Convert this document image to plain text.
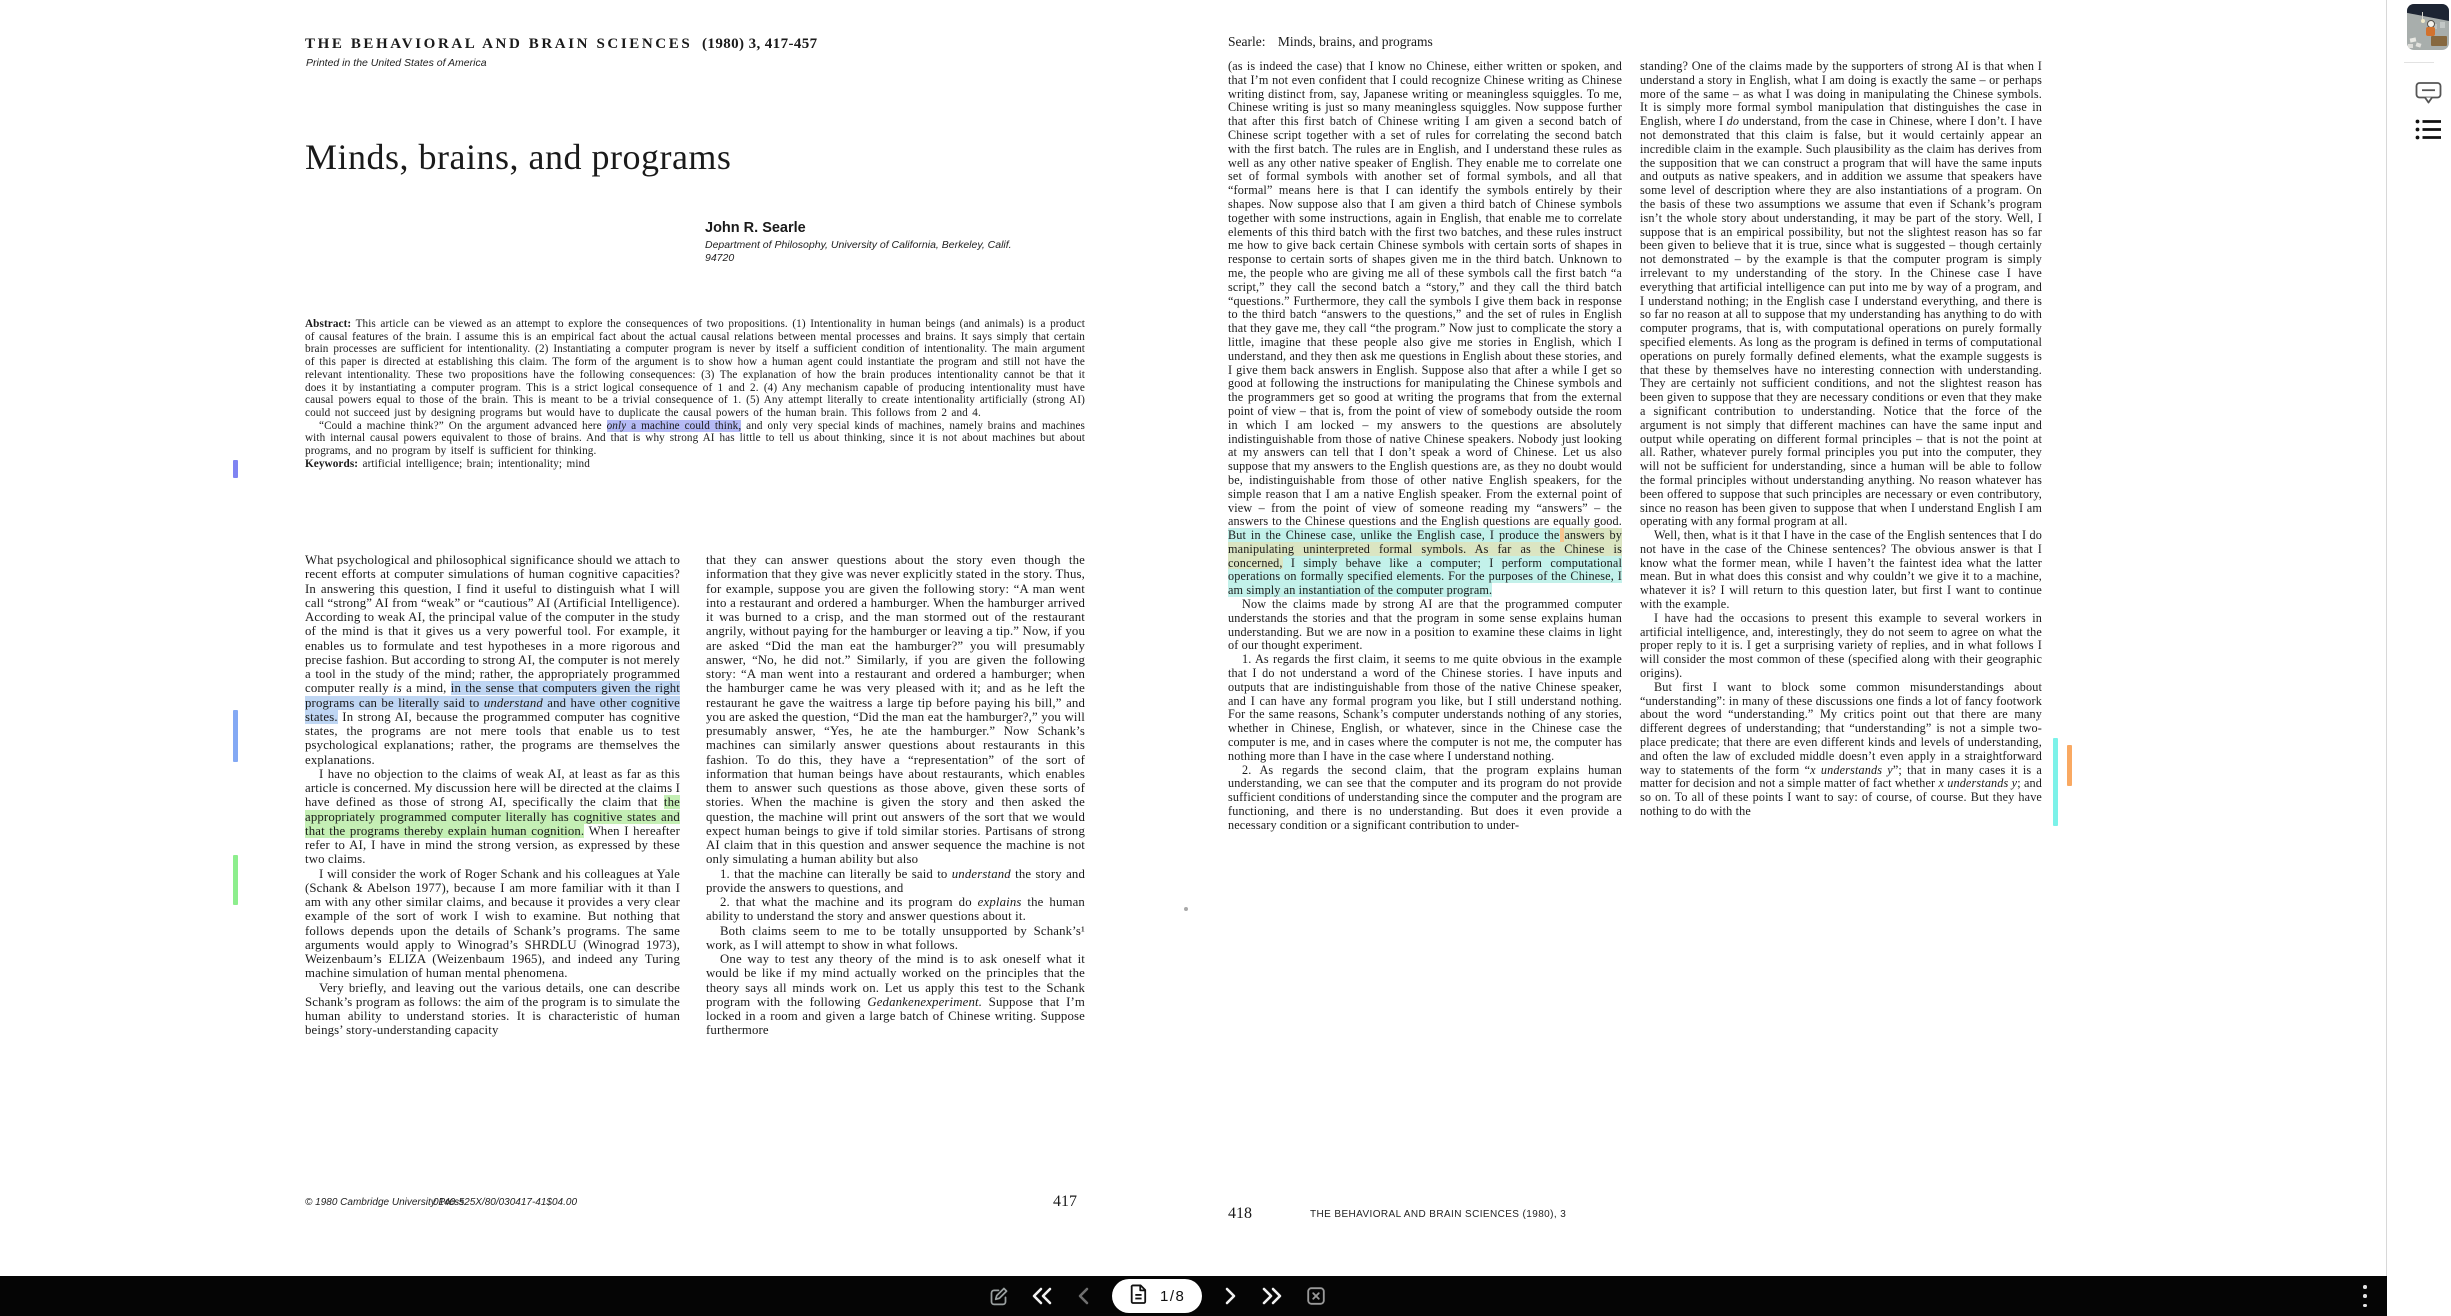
THE BEHAVIORAL AND BRAIN SCIENCES (1980) 3, 417-457
Printed in the United States of America
Minds, brains, and programs
John R. Searle
Department of Philosophy, University of California, Berkeley, Calif.
94720

Abstract: This article can be viewed as an attempt to explore the consequences of two propositions. (1) Intentionality in human beings (and animals) is a product of causal features of the brain. I assume this is an empirical fact about the actual causal relations between mental processes and brains. It says simply that certain brain processes are sufficient for intentionality. (2) Instantiating a computer program is never by itself a sufficient condition of intentionality. The main argument of this paper is directed at establishing this claim. The form of the argument is to show how a human agent could instantiate the program and still not have the relevant intentionality. These two propositions have the following consequences: (3) The explanation of how the brain produces intentionality cannot be that it does it by instantiating a computer program. This is a strict logical consequence of 1 and 2. (4) Any mechanism capable of producing intentionality must have causal powers equal to those of the brain. This is meant to be a trivial consequence of 1. (5) Any attempt literally to create intentionality artificially (strong AI) could not succeed just by designing programs but would have to duplicate the causal powers of the human brain. This follows from 2 and 4.

“Could a machine think?” On the argument advanced here only a machine could think, and only very special kinds of machines, namely brains and machines with internal causal powers equivalent to those of brains. And that is why strong AI has little to tell us about thinking, since it is not about machines but about programs, and no program by itself is sufficient for thinking.

Keywords: artificial intelligence; brain; intentionality; mind

What psychological and philosophical significance should we attach to recent efforts at computer simulations of human cognitive capacities? In answering this question, I find it useful to distinguish what I will call “strong” AI from “weak” or “cautious” AI (Artificial Intelligence). According to weak AI, the principal value of the computer in the study of the mind is that it gives us a very powerful tool. For example, it enables us to formulate and test hypotheses in a more rigorous and precise fashion. But according to strong AI, the computer is not merely a tool in the study of the mind; rather, the appropriately programmed computer really is a mind, in the sense that computers given the right programs can be literally said to understand and have other cognitive states. In strong AI, because the programmed computer has cognitive states, the programs are not mere tools that enable us to test psychological explanations; rather, the programs are themselves the explanations.

I have no objection to the claims of weak AI, at least as far as this article is concerned. My discussion here will be directed at the claims I have defined as those of strong AI, specifically the claim that the appropriately programmed computer literally has cognitive states and that the programs thereby explain human cognition. When I hereafter refer to AI, I have in mind the strong version, as expressed by these two claims.

I will consider the work of Roger Schank and his colleagues at Yale (Schank & Abelson 1977), because I am more familiar with it than I am with any other similar claims, and because it provides a very clear example of the sort of work I wish to examine. But nothing that follows depends upon the details of Schank’s programs. The same arguments would apply to Winograd’s SHRDLU (Winograd 1973), Weizenbaum’s ELIZA (Weizenbaum 1965), and indeed any Turing machine simulation of human mental phenomena.

Very briefly, and leaving out the various details, one can describe Schank’s program as follows: the aim of the program is to simulate the human ability to understand stories. It is characteristic of human beings’ story-understanding capacity

that they can answer questions about the story even though the information that they give was never explicitly stated in the story. Thus, for example, suppose you are given the following story: “A man went into a restaurant and ordered a hamburger. When the hamburger arrived it was burned to a crisp, and the man stormed out of the restaurant angrily, without paying for the hamburger or leaving a tip.” Now, if you are asked “Did the man eat the hamburger?” you will presumably answer, “No, he did not.” Similarly, if you are given the following story: “A man went into a restaurant and ordered a hamburger; when the hamburger came he was very pleased with it; and as he left the restaurant he gave the waitress a large tip before paying his bill,” and you are asked the question, “Did the man eat the hamburger?,” you will presumably answer, “Yes, he ate the hamburger.” Now Schank’s machines can similarly answer questions about restaurants in this fashion. To do this, they have a “representation” of the sort of information that human beings have about restaurants, which enables them to answer such questions as those above, given these sorts of stories. When the machine is given the story and then asked the question, the machine will print out answers of the sort that we would expect human beings to give if told similar stories. Partisans of strong AI claim that in this question and answer sequence the machine is not only simulating a human ability but also

1. that the machine can literally be said to understand the story and provide the answers to questions, and

2. that what the machine and its program do explains the human ability to understand the story and answer questions about it.

Both claims seem to me to be totally unsupported by Schank’s¹ work, as I will attempt to show in what follows.

One way to test any theory of the mind is to ask oneself what it would be like if my mind actually worked on the principles that the theory says all minds work on. Let us apply this test to the Schank program with the following Gedankenexperiment. Suppose that I’m locked in a room and given a large batch of Chinese writing. Suppose furthermore

© 1980 Cambridge University Press
0140-525X/80/030417-41$04.00	417
Searle: Minds, brains, and programs

(as is indeed the case) that I know no Chinese, either written or spoken, and that I’m not even confident that I could recognize Chinese writing as Chinese writing distinct from, say, Japanese writing or meaningless squiggles. To me, Chinese writing is just so many meaningless squiggles. Now suppose further that after this first batch of Chinese writing I am given a second batch of Chinese script together with a set of rules for correlating the second batch with the first batch. The rules are in English, and I understand these rules as well as any other native speaker of English. They enable me to correlate one set of formal symbols with another set of formal symbols, and all that “formal” means here is that I can identify the symbols entirely by their shapes. Now suppose also that I am given a third batch of Chinese symbols together with some instructions, again in English, that enable me to correlate elements of this third batch with the first two batches, and these rules instruct me how to give back certain Chinese symbols with certain sorts of shapes in response to certain sorts of shapes given me in the third batch. Unknown to me, the people who are giving me all of these symbols call the first batch “a script,” they call the second batch a “story,” and they call the third batch “questions.” Furthermore, they call the symbols I give them back in response to the third batch “answers to the questions,” and the set of rules in English that they gave me, they call “the program.” Now just to complicate the story a little, imagine that these people also give me stories in English, which I understand, and they then ask me questions in English about these stories, and I give them back answers in English. Suppose also that after a while I get so good at following the instructions for manipulating the Chinese symbols and the programmers get so good at writing the programs that from the external point of view – that is, from the point of view of somebody outside the room in which I am locked – my answers to the questions are absolutely indistinguishable from those of native Chinese speakers. Nobody just looking at my answers can tell that I don’t speak a word of Chinese. Let us also suppose that my answers to the English questions are, as they no doubt would be, indistinguishable from those of other native English speakers, for the simple reason that I am a native English speaker. From the external point of view – from the point of view of someone reading my “answers” – the answers to the Chinese questions and the English questions are equally good. But in the Chinese case, unlike the English case, I produce the answers by manipulating uninterpreted formal symbols. As far as the Chinese is concerned, I simply behave like a computer; I perform computational operations on formally specified elements. For the purposes of the Chinese, I am simply an instantiation of the computer program.

Now the claims made by strong AI are that the programmed computer understands the stories and that the program in some sense explains human understanding. But we are now in a position to examine these claims in light of our thought experiment.

1. As regards the first claim, it seems to me quite obvious in the example that I do not understand a word of the Chinese stories. I have inputs and outputs that are indistinguishable from those of the native Chinese speaker, and I can have any formal program you like, but I still understand nothing. For the same reasons, Schank’s computer understands nothing of any stories, whether in Chinese, English, or whatever, since in the Chinese case the computer is me, and in cases where the computer is not me, the computer has nothing more than I have in the case where I understand nothing.

2. As regards the second claim, that the program explains human understanding, we can see that the computer and its program do not provide sufficient conditions of understanding since the computer and the program are functioning, and there is no understanding. But does it even provide a necessary condition or a significant contribution to under-

standing? One of the claims made by the supporters of strong AI is that when I understand a story in English, what I am doing is exactly the same – or perhaps more of the same – as what I was doing in manipulating the Chinese symbols. It is simply more formal symbol manipulation that distinguishes the case in English, where I do understand, from the case in Chinese, where I don’t. I have not demonstrated that this claim is false, but it would certainly appear an incredible claim in the example. Such plausibility as the claim has derives from the supposition that we can construct a program that will have the same inputs and outputs as native speakers, and in addition we assume that speakers have some level of description where they are also instantiations of a program. On the basis of these two assumptions we assume that even if Schank’s program isn’t the whole story about understanding, it may be part of the story. Well, I suppose that is an empirical possibility, but not the slightest reason has so far been given to believe that it is true, since what is suggested – though certainly not demonstrated – by the example is that the computer program is simply irrelevant to my understanding of the story. In the Chinese case I have everything that artificial intelligence can put into me by way of a program, and I understand nothing; in the English case I understand everything, and there is so far no reason at all to suppose that my understanding has anything to do with computer programs, that is, with computational operations on purely formally specified elements. As long as the program is defined in terms of computational operations on purely formally defined elements, what the example suggests is that these by themselves have no interesting connection with understanding. They are certainly not sufficient conditions, and not the slightest reason has been given to suppose that they are necessary conditions or even that they make a significant contribution to understanding. Notice that the force of the argument is not simply that different machines can have the same input and output while operating on different formal principles – that is not the point at all. Rather, whatever purely formal principles you put into the computer, they will not be sufficient for understanding, since a human will be able to follow the formal principles without understanding anything. No reason whatever has been offered to suppose that such principles are necessary or even contributory, since no reason has been given to suppose that when I understand English I am operating with any formal program at all.

Well, then, what is it that I have in the case of the English sentences that I do not have in the case of the Chinese sentences? The obvious answer is that I know what the former mean, while I haven’t the faintest idea what the latter mean. But in what does this consist and why couldn’t we give it to a machine, whatever it is? I will return to this question later, but first I want to continue with the example.

I have had the occasions to present this example to several workers in artificial intelligence, and, interestingly, they do not seem to agree on what the proper reply to it is. I get a surprising variety of replies, and in what follows I will consider the most common of these (specified along with their geographic origins).

But first I want to block some common misunderstandings about “understanding”: in many of these discussions one finds a lot of fancy footwork about the word “understanding.” My critics point out that there are many different degrees of understanding; that “understanding” is not a simple two-place predicate; that there are even different kinds and levels of understanding, and often the law of excluded middle doesn’t even apply in a straightforward way to statements of the form “x understands y”; that in many cases it is a matter for decision and not a simple matter of fact whether x understands y; and so on. To all of these points I want to say: of course, of course. But they have nothing to do with the

418	THE BEHAVIORAL AND BRAIN SCIENCES (1980), 3
1/8
